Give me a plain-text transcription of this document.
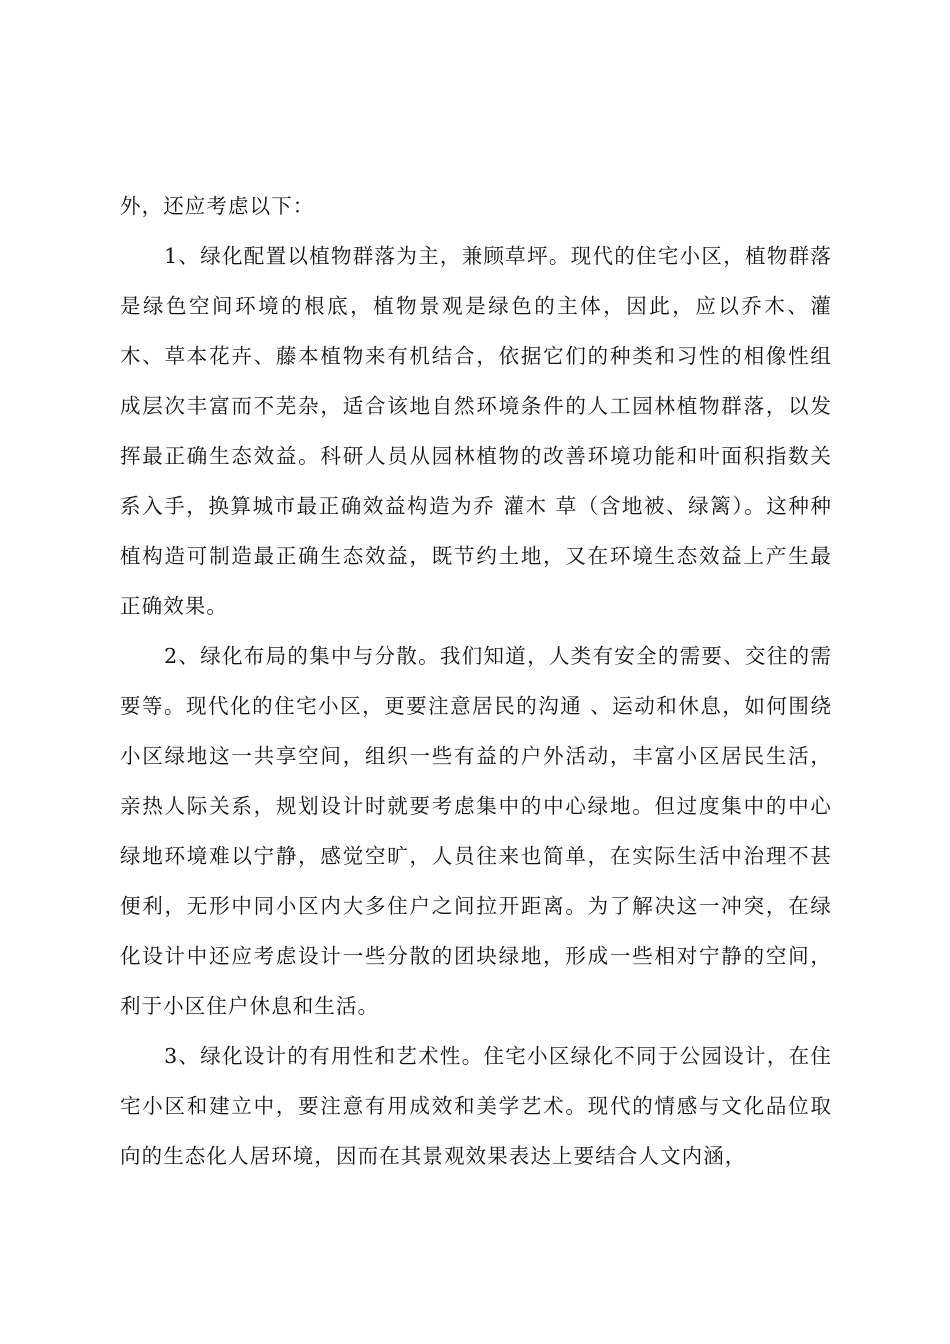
外，还应考虑以下：

1、绿化配置以植物群落为主，兼顾草坪。现代的住宅小区，植物群落是绿色空间环境的根底，植物景观是绿色的主体，因此，应以乔木、灌木、草本花卉、藤本植物来有机结合，依据它们的种类和习性的相像性组成层次丰富而不芜杂，适合该地自然环境条件的人工园林植物群落，以发挥最正确生态效益。科研人员从园林植物的改善环境功能和叶面积指数关系入手，换算城市最正确效益构造为乔 灌木 草（含地被、绿篱）。这种种植构造可制造最正确生态效益，既节约土地，又在环境生态效益上产生最正确效果。

2、绿化布局的集中与分散。我们知道，人类有安全的需要、交往的需要等。现代化的住宅小区，更要注意居民的沟通 、运动和休息，如何围绕小区绿地这一共享空间，组织一些有益的户外活动，丰富小区居民生活，亲热人际关系，规划设计时就要考虑集中的中心绿地。但过度集中的中心绿地环境难以宁静，感觉空旷，人员往来也简单，在实际生活中治理不甚便利，无形中同小区内大多住户之间拉开距离。为了解决这一冲突，在绿化设计中还应考虑设计一些分散的团块绿地，形成一些相对宁静的空间，利于小区住户休息和生活。

3、绿化设计的有用性和艺术性。住宅小区绿化不同于公园设计，在住宅小区和建立中，要注意有用成效和美学艺术。现代的情感与文化品位取向的生态化人居环境，因而在其景观效果表达上要结合人文内涵，
